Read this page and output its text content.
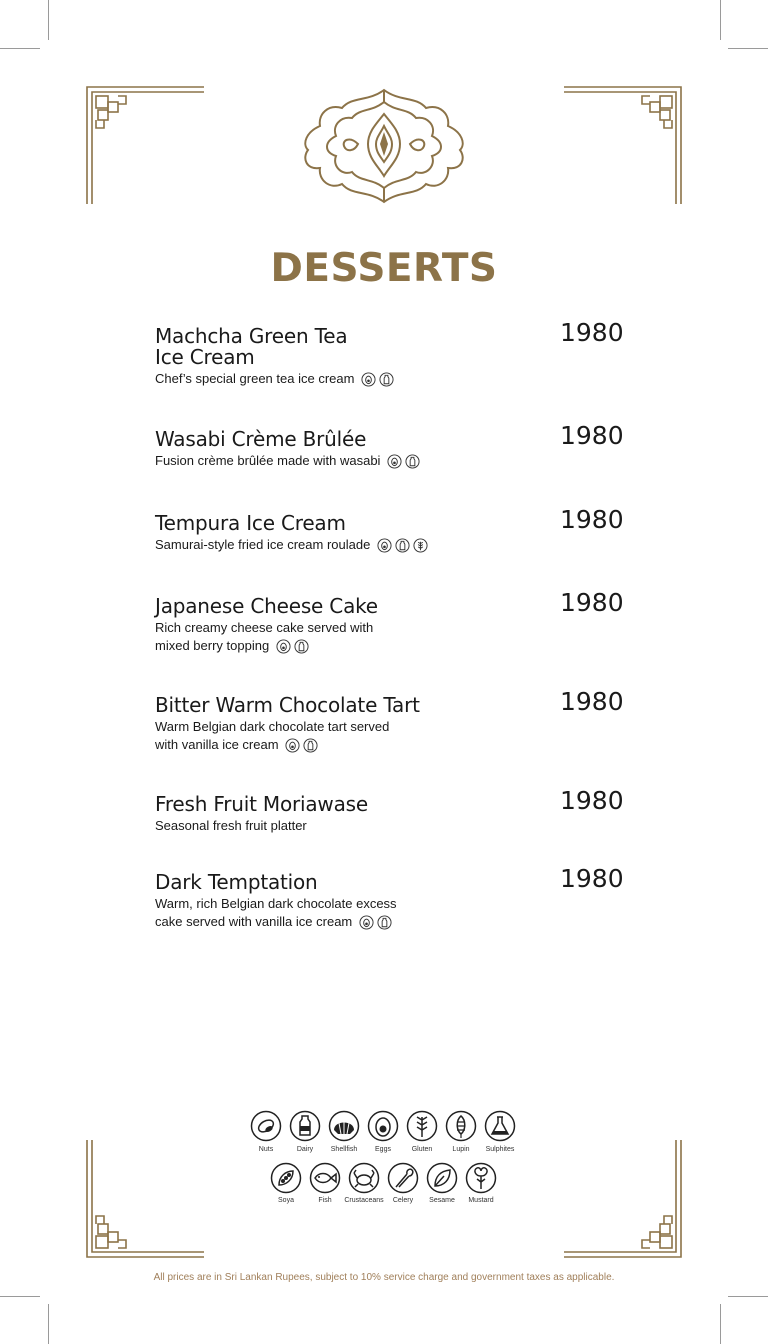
DESSERTS
Machcha Green Tea
Ice Cream
Chef’s special green tea ice cream
1980
Wasabi Crème Brûlée
Fusion crème brûlée made with wasabi
1980
Tempura Ice Cream
Samurai-style fried ice cream roulade
1980
Japanese Cheese Cake
Rich creamy cheese cake served with
mixed berry topping
1980
Bitter Warm Chocolate Tart
Warm Belgian dark chocolate tart served
with vanilla ice cream
1980
Fresh Fruit Moriawase
Seasonal fresh fruit platter
1980
Dark Temptation
Warm, rich Belgian dark chocolate excess
cake served with vanilla ice cream
1980
Nuts	Dairy	Shellfish	Eggs	Gluten	Lupin	Sulphites
Soya	Fish	Crustaceans	Celery	Sesame	Mustard
All prices are in Sri Lankan Rupees, subject to 10% service charge and government taxes as applicable.
